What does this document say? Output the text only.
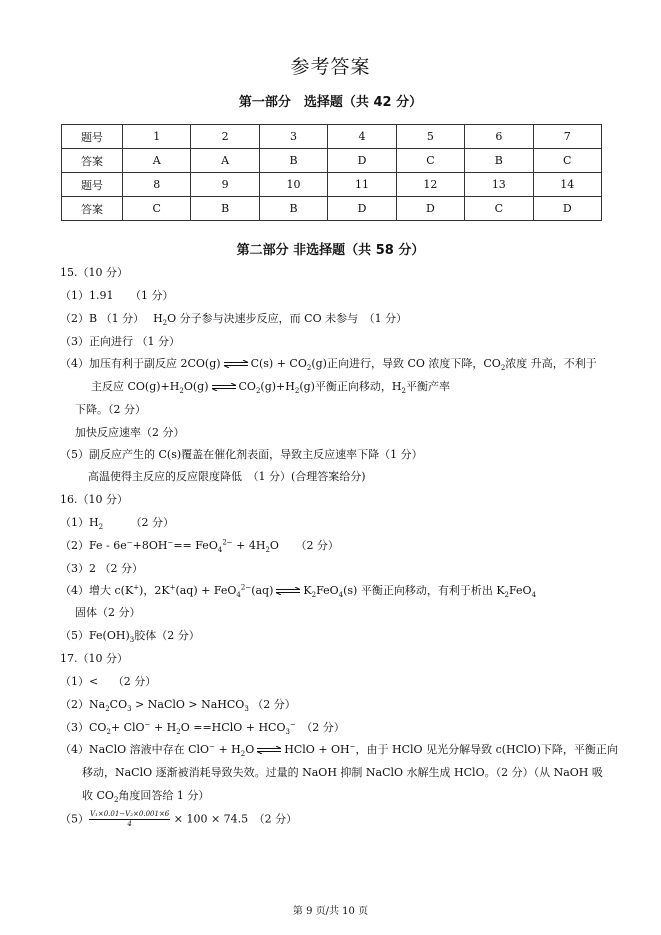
参考答案
第一部分　选择题（共 42 分）
题号	1	2	3	4	5	6	7
答案	A	A	B	D	C	B	C
题号	8	9	10	11	12	13	14
答案	C	B	B	D	D	C	D
第二部分 非选择题（共 58 分）
15.（10 分）
（1）1.91　　（1 分）
（2）B （1 分）　 $H_2O$ 分子参与决速步反应，而 CO 未参与　（1 分）
（3）正向进行 （1 分）
（4）加压有利于副反应 2CO(g)	$C(s) + CO_2(g)$正向进行，导致 CO 浓度下降，$CO_2$浓度 升高，不利于
主反应 $CO(g)+H_2O(g)$	$CO_2(g)+H_2(g)$平衡正向移动，$H_2$平衡产率
下降。（2 分）
加快反应速率（2 分）
（5）副反应产生的 C(s)覆盖在催化剂表面，导致主反应速率下降（1 分）
高温使得主反应的反应限度降低　（1 分）(合理答案给分)
16.（10 分）
$(1)H_2$　　　（2 分）
$(2)Fe - 6e^-+8OH^-== FeO_4^{2-} + 4H_2O$　　（2 分）
（3）2 （2 分）
（4）增大 c(K+)，2K+(aq) + FeO$_4^{2-}$(aq)	$K_2FeO_4(s)$ 平衡正向移动，有利于析出 $K_2FeO_4$
固体（2 分）
$(5)Fe(OH)_3$胶体（2 分）
17.（10 分）
（1）<　 （2 分）
$(2)Na_2CO_3$ > NaClO > NaHCO$_3$ （2 分）
$(3)CO_2+ ClO^- + H_2O$ ==HClO + $HCO_3^-$　（2 分）
（4）NaClO 溶液中存在 $ClO^- + H_2O$	HClO + OH−，由于 HClO 见光分解导致 c(HClO)下降，平衡正向
移动，NaClO 逐渐被消耗导致失效。过量的 NaOH 抑制 NaClO 水解生成 HClO。（2 分）（从 NaOH 吸
收 $CO_2$角度回答给 1 分）
$(5) \frac{\text{V₁×0.01−V₂×0.001×6}}{4} \times 100 \times 74.5$　（2 分）
第 9 页/共 10 页
